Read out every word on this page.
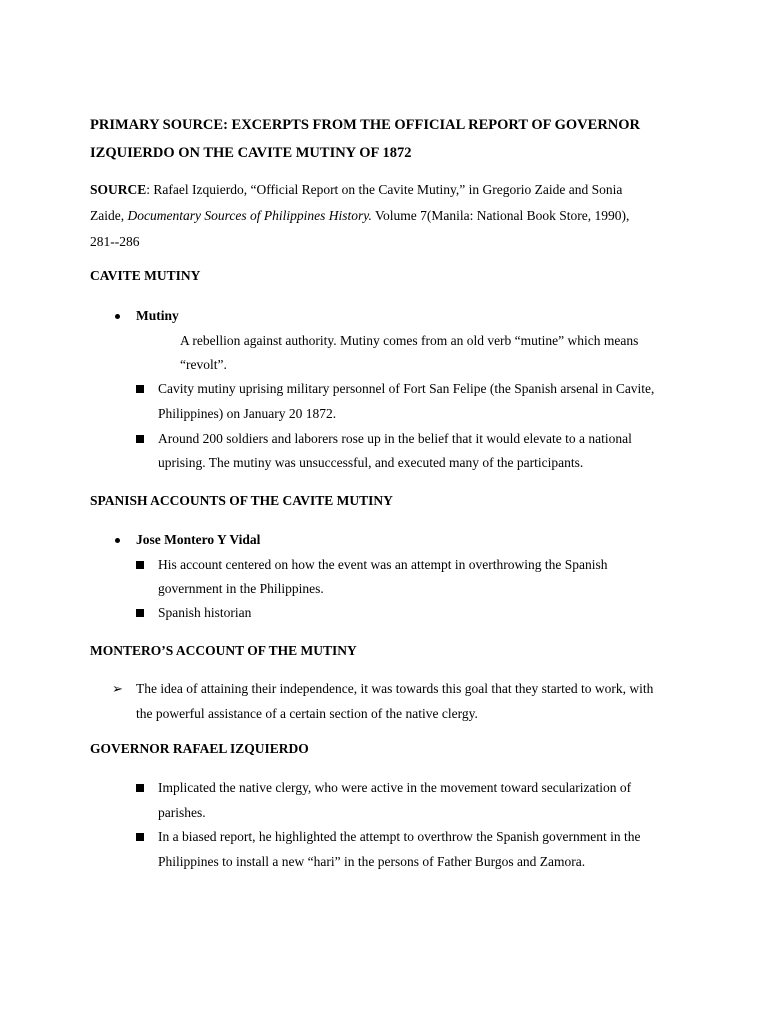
PRIMARY SOURCE: EXCERPTS FROM THE OFFICIAL REPORT OF GOVERNOR
IZQUIERDO ON THE CAVITE MUTINY OF 1872
SOURCE: Rafael Izquierdo, “Official Report on the Cavite Mutiny,” in Gregorio Zaide and Sonia
Zaide, Documentary Sources of Philippines History. Volume 7(Manila: National Book Store, 1990),
281--286
CAVITE MUTINY
Mutiny
A rebellion against authority. Mutiny comes from an old verb “mutine” which means
“revolt”.
Cavity mutiny uprising military personnel of Fort San Felipe (the Spanish arsenal in Cavite,
Philippines) on January 20 1872.
Around 200 soldiers and laborers rose up in the belief that it would elevate to a national
uprising. The mutiny was unsuccessful, and executed many of the participants.
SPANISH ACCOUNTS OF THE CAVITE MUTINY
Jose Montero Y Vidal
His account centered on how the event was an attempt in overthrowing the Spanish
government in the Philippines.
Spanish historian
MONTERO’S ACCOUNT OF THE MUTINY
➢ The idea of attaining their independence, it was towards this goal that they started to work, with
the powerful assistance of a certain section of the native clergy.
GOVERNOR RAFAEL IZQUIERDO
Implicated the native clergy, who were active in the movement toward secularization of
parishes.
In a biased report, he highlighted the attempt to overthrow the Spanish government in the
Philippines to install a new “hari” in the persons of Father Burgos and Zamora.
